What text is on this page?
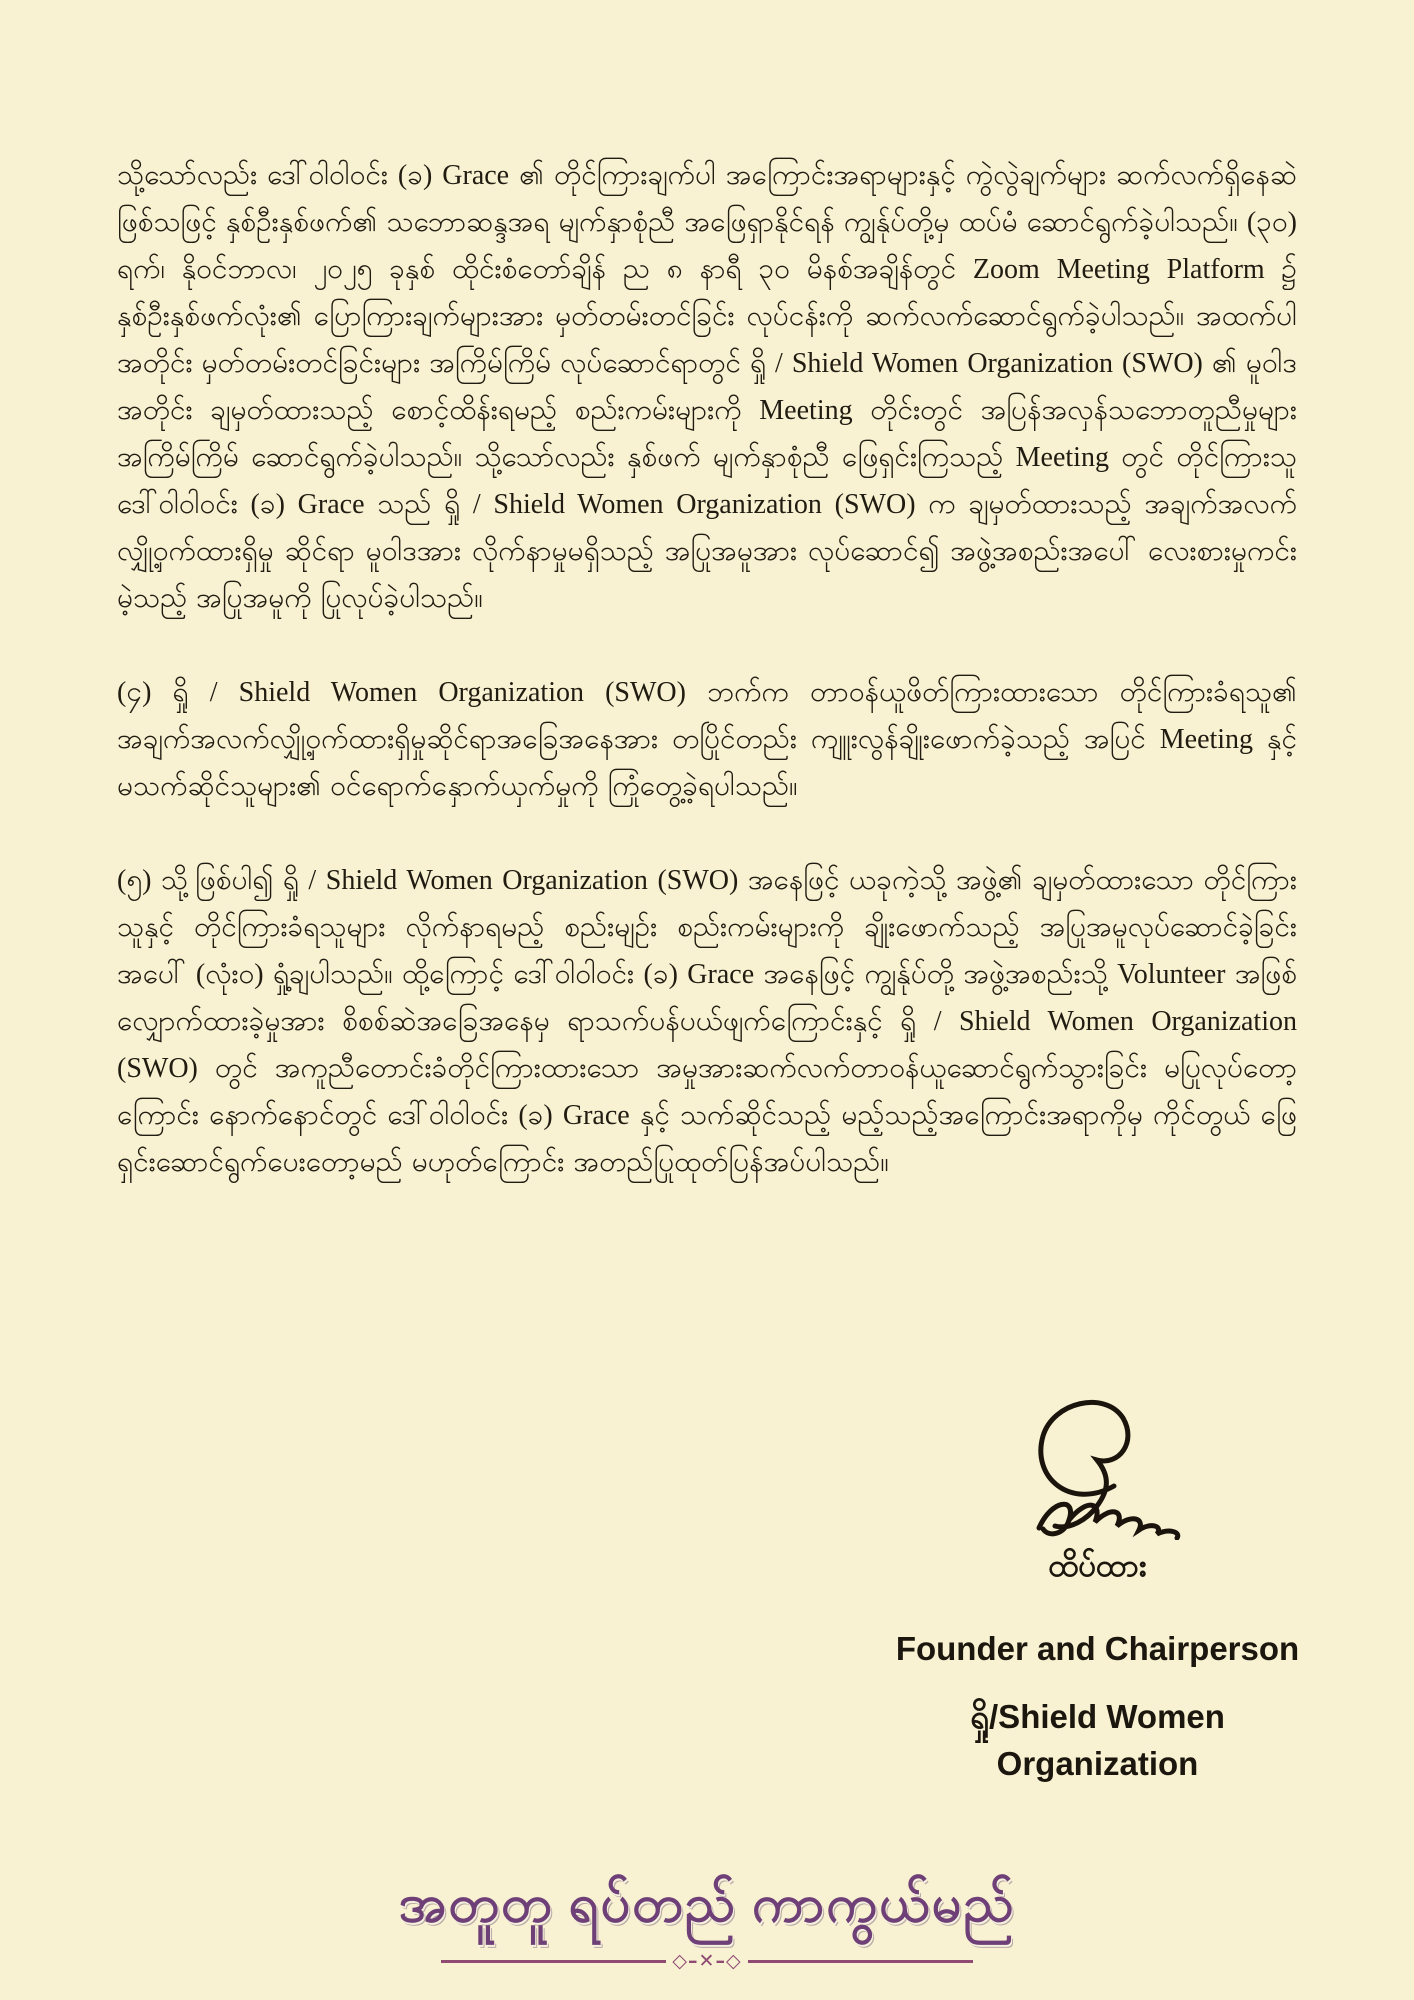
သို့သော်လည်း ဒေါ်ဝါဝါဝင်း (ခ) Grace ၏ တိုင်ကြားချက်ပါ အကြောင်းအရာများနှင့် ကွဲလွဲချက်များ ဆက်လက်ရှိနေဆဲဖြစ်သဖြင့် နှစ်ဦးနှစ်ဖက်၏ သဘောဆန္ဒအရ မျက်နှာစုံညီ အဖြေရှာနိုင်ရန် ကျွန်ုပ်တို့မှ ထပ်မံ ဆောင်ရွက်ခဲ့ပါသည်။ (၃၀) ရက်၊ နိုဝင်ဘာလ၊ ၂၀၂၅ ခုနှစ် ထိုင်းစံတော်ချိန် ည ၈ နာရီ ၃၀ မိနစ်အချိန်တွင် Zoom Meeting Platform ၌ နှစ်ဦးနှစ်ဖက်လုံး၏ ပြောကြားချက်များအား မှတ်တမ်းတင်ခြင်း လုပ်ငန်းကို ဆက်လက်ဆောင်ရွက်ခဲ့ပါသည်။ အထက်ပါအတိုင်း မှတ်တမ်းတင်ခြင်းများ အကြိမ်ကြိမ် လုပ်ဆောင်ရာတွင် ရှို / Shield Women Organization (SWO) ၏ မူဝါဒအတိုင်း ချမှတ်ထားသည့် စောင့်ထိန်းရမည့် စည်းကမ်းများကို Meeting တိုင်းတွင် အပြန်အလှန်သဘောတူညီမှုများ အကြိမ်ကြိမ် ဆောင်ရွက်ခဲ့ပါသည်။ သို့သော်လည်း နှစ်ဖက် မျက်နှာစုံညီ ဖြေရှင်းကြသည့် Meeting တွင် တိုင်ကြားသူ ဒေါ်ဝါဝါဝင်း (ခ) Grace သည် ရှို / Shield Women Organization (SWO) က ချမှတ်ထားသည့် အချက်အလက်လျှို့ဝှက်ထားရှိမှု ဆိုင်ရာ မူဝါဒအား လိုက်နာမှုမရှိသည့် အပြုအမူအား လုပ်ဆောင်၍ အဖွဲ့အစည်းအပေါ် လေးစားမှုကင်းမဲ့သည့် အပြုအမူကို ပြုလုပ်ခဲ့ပါသည်။

(၄) ရှို / Shield Women Organization (SWO) ဘက်က တာဝန်ယူဖိတ်ကြားထားသော တိုင်ကြားခံရသူ၏ အချက်အလက်လျှို့ဝှက်ထားရှိမှုဆိုင်ရာအခြေအနေအား တပြိုင်တည်း ကျူးလွန်ချိုးဖောက်ခဲ့သည့် အပြင် Meeting နှင့် မသက်ဆိုင်သူများ၏ ဝင်ရောက်နှောက်ယှက်မှုကို ကြုံတွေ့ခဲ့ရပါသည်။

(၅) သို့ဖြစ်ပါ၍ ရှို / Shield Women Organization (SWO) အနေဖြင့် ယခုကဲ့သို့ အဖွဲ့၏ ချမှတ်ထားသော တိုင်ကြားသူနှင့် တိုင်ကြားခံရသူများ လိုက်နာရမည့် စည်းမျဉ်း စည်းကမ်းများကို ချိုးဖောက်သည့် အပြုအမူလုပ်ဆောင်ခဲ့ခြင်းအပေါ် (လုံးဝ) ရှုံ့ချပါသည်။ ထို့ကြောင့် ဒေါ်ဝါဝါဝင်း (ခ) Grace အနေဖြင့် ကျွန်ုပ်တို့ အဖွဲ့အစည်းသို့ Volunteer အဖြစ် လျှောက်ထားခဲ့မှုအား စိစစ်ဆဲအခြေအနေမှ ရာသက်ပန်ပယ်ဖျက်ကြောင်းနှင့် ရှို / Shield Women Organization (SWO) တွင် အကူညီတောင်းခံတိုင်ကြားထားသော အမှုအားဆက်လက်တာဝန်ယူဆောင်ရွက်သွားခြင်း မပြုလုပ်တော့ကြောင်း နောက်နောင်တွင် ဒေါ်ဝါဝါဝင်း (ခ) Grace နှင့် သက်ဆိုင်သည့် မည့်သည့်အကြောင်းအရာကိုမှ ကိုင်တွယ် ဖြေရှင်းဆောင်ရွက်ပေးတော့မည် မဟုတ်ကြောင်း အတည်ပြုထုတ်ပြန်အပ်ပါသည်။

ထိပ်ထား
Founder and Chairperson
ရှို/Shield Women Organization
အတူတူ ရပ်တည် ကာကွယ်မည်
◇–✕–◇
